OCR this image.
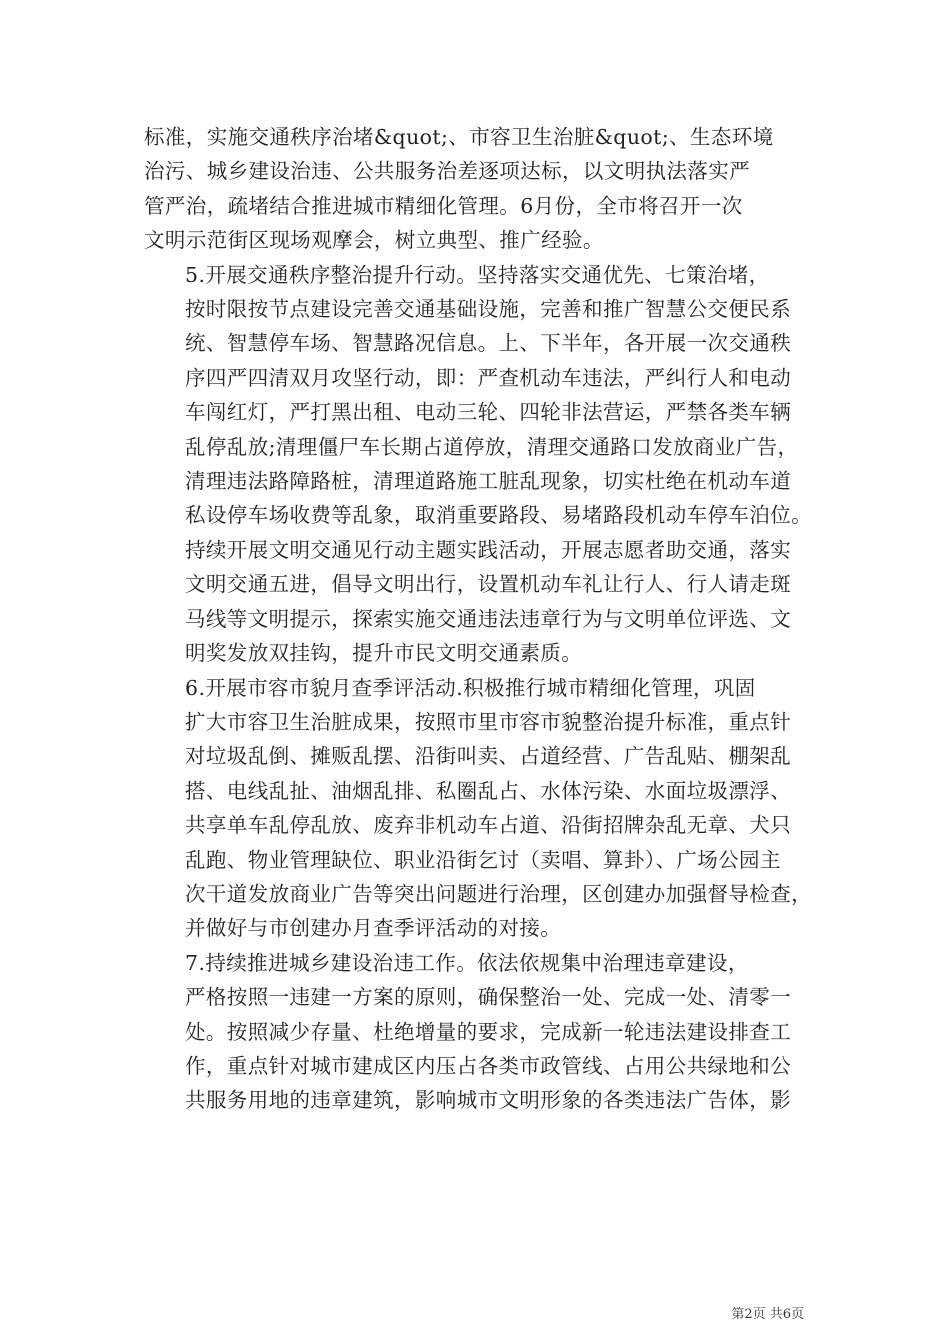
标准，实施交通秩序治堵&quot;、市容卫生治脏&quot;、生态环境
治污、城乡建设治违、公共服务治差逐项达标，以文明执法落实严
管严治，疏堵结合推进城市精细化管理。6月份，全市将召开一次
文明示范街区现场观摩会，树立典型、推广经验。

5.开展交通秩序整治提升行动。坚持落实交通优先、七策治堵，
按时限按节点建设完善交通基础设施，完善和推广智慧公交便民系
统、智慧停车场、智慧路况信息。上、下半年，各开展一次交通秩
序四严四清双月攻坚行动，即：严查机动车违法，严纠行人和电动
车闯红灯，严打黑出租、电动三轮、四轮非法营运，严禁各类车辆
乱停乱放;清理僵尸车长期占道停放，清理交通路口发放商业广告，
清理违法路障路桩，清理道路施工脏乱现象，切实杜绝在机动车道
私设停车场收费等乱象，取消重要路段、易堵路段机动车停车泊位。
持续开展文明交通见行动主题实践活动，开展志愿者助交通，落实
文明交通五进，倡导文明出行，设置机动车礼让行人、行人请走斑
马线等文明提示，探索实施交通违法违章行为与文明单位评选、文
明奖发放双挂钩，提升市民文明交通素质。

6.开展市容市貌月查季评活动.积极推行城市精细化管理，巩固
扩大市容卫生治脏成果，按照市里市容市貌整治提升标准，重点针
对垃圾乱倒、摊贩乱摆、沿街叫卖、占道经营、广告乱贴、棚架乱
搭、电线乱扯、油烟乱排、私圈乱占、水体污染、水面垃圾漂浮、
共享单车乱停乱放、废弃非机动车占道、沿街招牌杂乱无章、犬只
乱跑、物业管理缺位、职业沿街乞讨（卖唱、算卦）、广场公园主
次干道发放商业广告等突出问题进行治理，区创建办加强督导检查，
并做好与市创建办月查季评活动的对接。

7.持续推进城乡建设治违工作。依法依规集中治理违章建设，
严格按照一违建一方案的原则，确保整治一处、完成一处、清零一
处。按照减少存量、杜绝增量的要求，完成新一轮违法建设排查工
作，重点针对城市建成区内压占各类市政管线、占用公共绿地和公
共服务用地的违章建筑，影响城市文明形象的各类违法广告体，影

第2页 共6页
